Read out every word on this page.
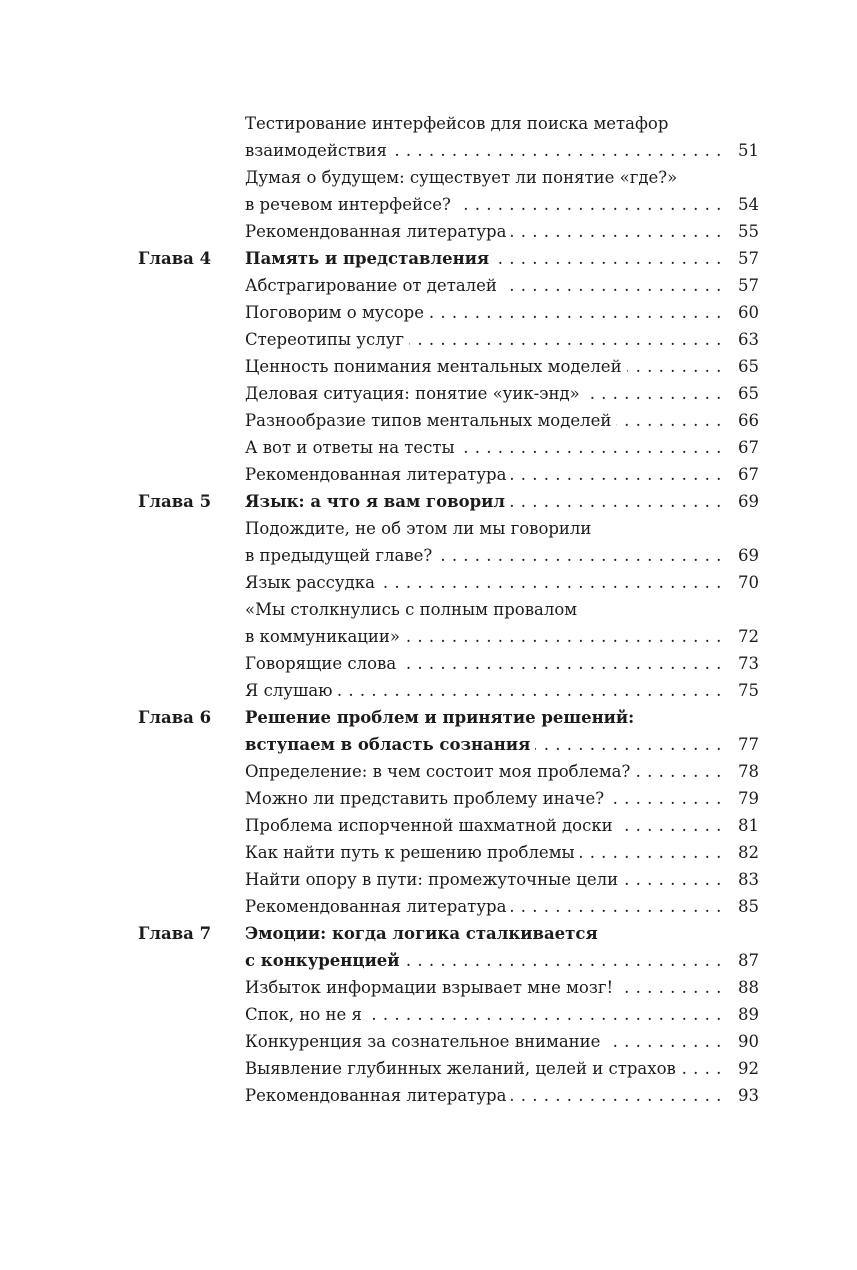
Тестирование интерфейсов для поиска метафор
взаимодействия . . .	51
Думая о будущем: существует ли понятие «где?»
в речевом интерфейсе? . . .	54
Рекомендованная литература . . .	55
Глава 4 Память и представления . . .	57
Абстрагирование от деталей . . .	57
Поговорим о мусоре . . .	60
Стереотипы услуг . . .	63
Ценность понимания ментальных моделей . . .	65
Деловая ситуация: понятие «уик-энд» . . .	65
Разнообразие типов ментальных моделей . . .	66
А вот и ответы на тесты . . .	67
Рекомендованная литература . . .	67
Глава 5 Язык: а что я вам говорил . . .	69
Подождите, не об этом ли мы говорили
в предыдущей главе? . . .	69
Язык рассудка . . .	70
«Мы столкнулись с полным провалом
в коммуникации» . . .	72
Говорящие слова . . .	73
Я слушаю . . .	75
Глава 6 Решение проблем и принятие решений:
вступаем в область сознания . . .	77
Определение: в чем состоит моя проблема? . . .	78
Можно ли представить проблему иначе? . . .	79
Проблема испорченной шахматной доски . . .	81
Как найти путь к решению проблемы . . .	82
Найти опору в пути: промежуточные цели . . .	83
Рекомендованная литература . . .	85
Глава 7 Эмоции: когда логика сталкивается
с конкуренцией . . .	87
Избыток информации взрывает мне мозг! . . .	88
Спок, но не я . . .	89
Конкуренция за сознательное внимание . . .	90
Выявление глубинных желаний, целей и страхов . . .	92
Рекомендованная литература . . .	93
